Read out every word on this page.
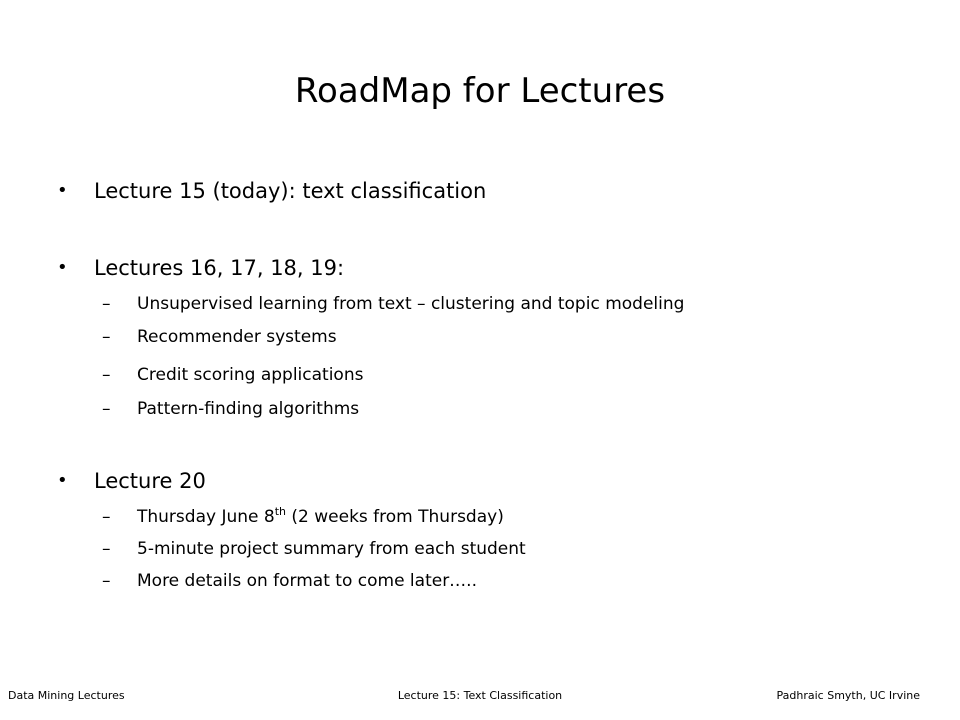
RoadMap for Lectures
• Lecture 15 (today): text classification
• Lectures 16, 17, 18, 19:
– Unsupervised learning from text – clustering and topic modeling
– Recommender systems
– Credit scoring applications
– Pattern-finding algorithms
• Lecture 20
– Thursday June 8th (2 weeks from Thursday)
– 5-minute project summary from each student
– More details on format to come later…..
Data Mining Lectures	Lecture 15: Text Classification	Padhraic Smyth, UC Irvine
